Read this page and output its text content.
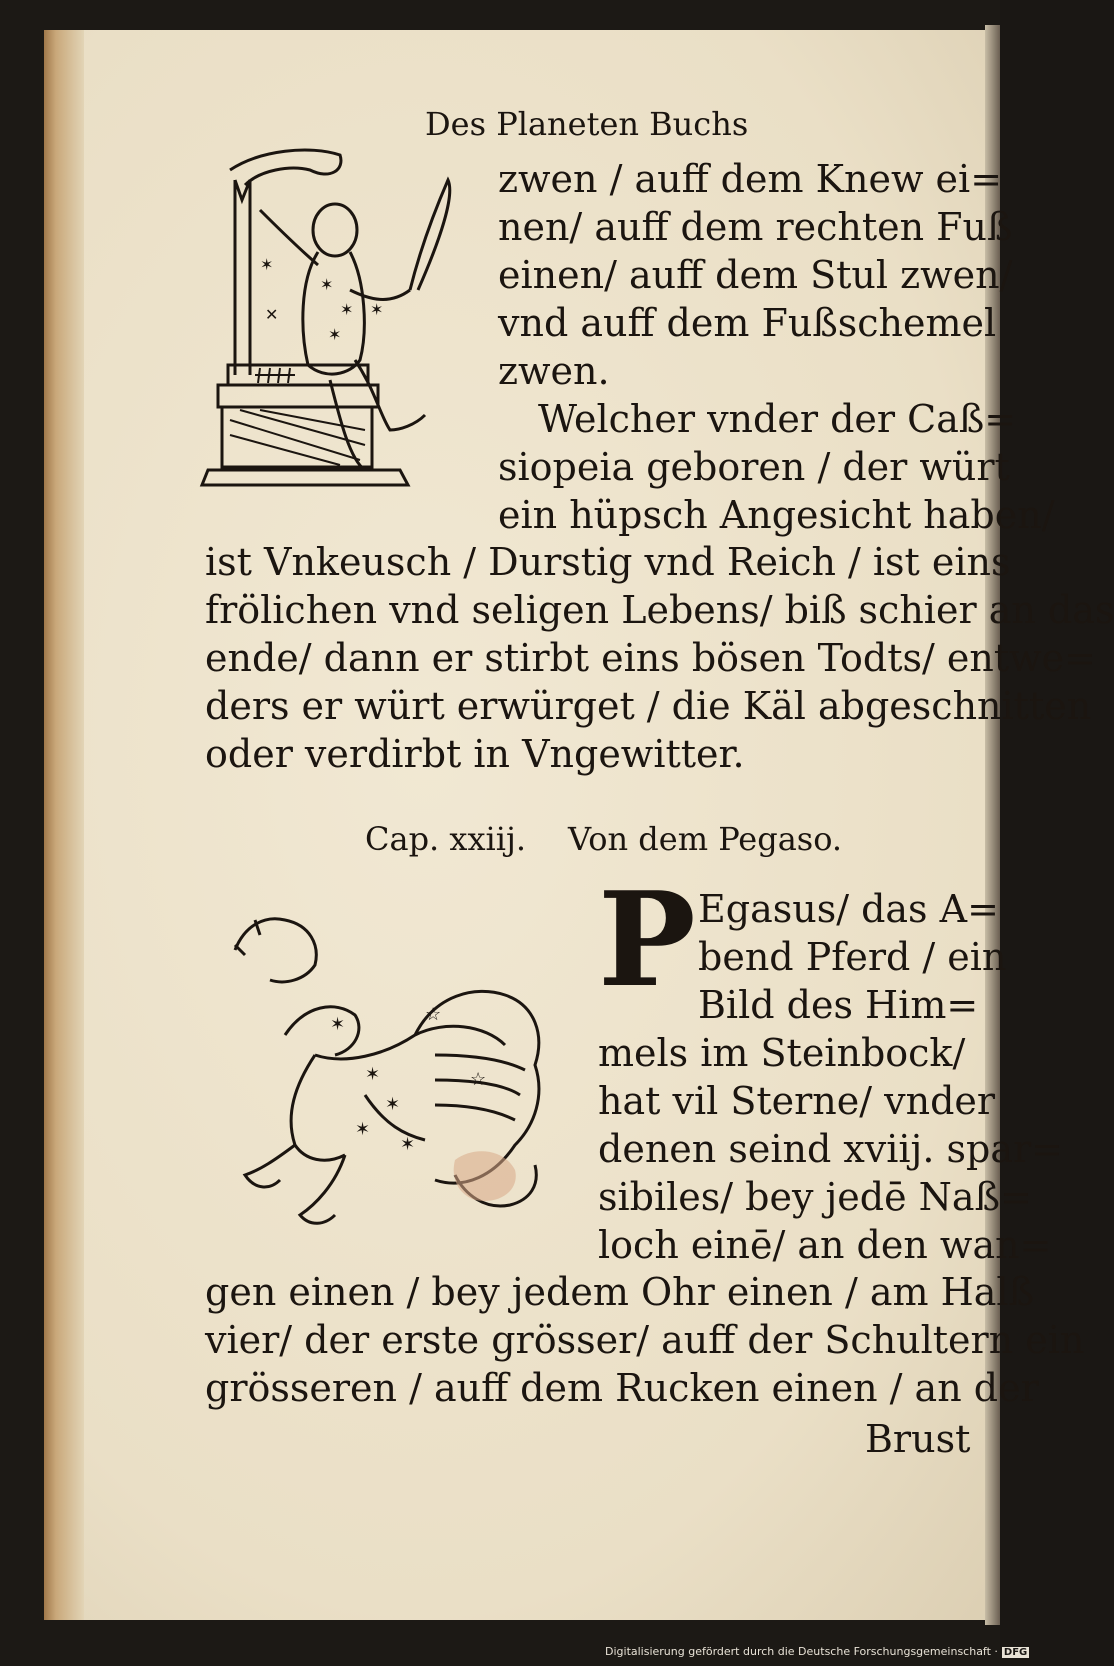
Des Planeten Buchs
✶
✶
✶
✶
✕	✶
zwen / auff dem Knew ei=
nen/ auff dem rechten Fuß
einen/ auff dem Stul zwen/
vnd auff dem Fußschemel
zwen.
Welcher vnder der Caß=
siopeia geboren / der würt
ein hüpsch Angesicht haben/
ist Vnkeusch / Durstig vnd Reich / ist eins
frölichen vnd seligen Lebens/ biß schier an das
ende/ dann er stirbt eins bösen Todts/ entwe=
ders er würt erwürget / die Käl abgeschnitten
oder verdirbt in Vngewitter.
Cap. xxiij. Von dem Pegaso.
✶
✶
✶
✶
✶
☆
☆ P Egasus/ das A=
bend Pferd / ein
Bild des Him=
mels im Steinbock/
hat vil Sterne/ vnder
denen seind xviij. spar=
sibiles/ bey jedē Naß=
loch einē/ an den wan=
gen einen / bey jedem Ohr einen / am Halß
vier/ der erste grösser/ auff der Schultern ein
grösseren / auff dem Rucken einen / an der
Brust
Digitalisierung gefördert durch die Deutsche Forschungsgemeinschaft · DFG
